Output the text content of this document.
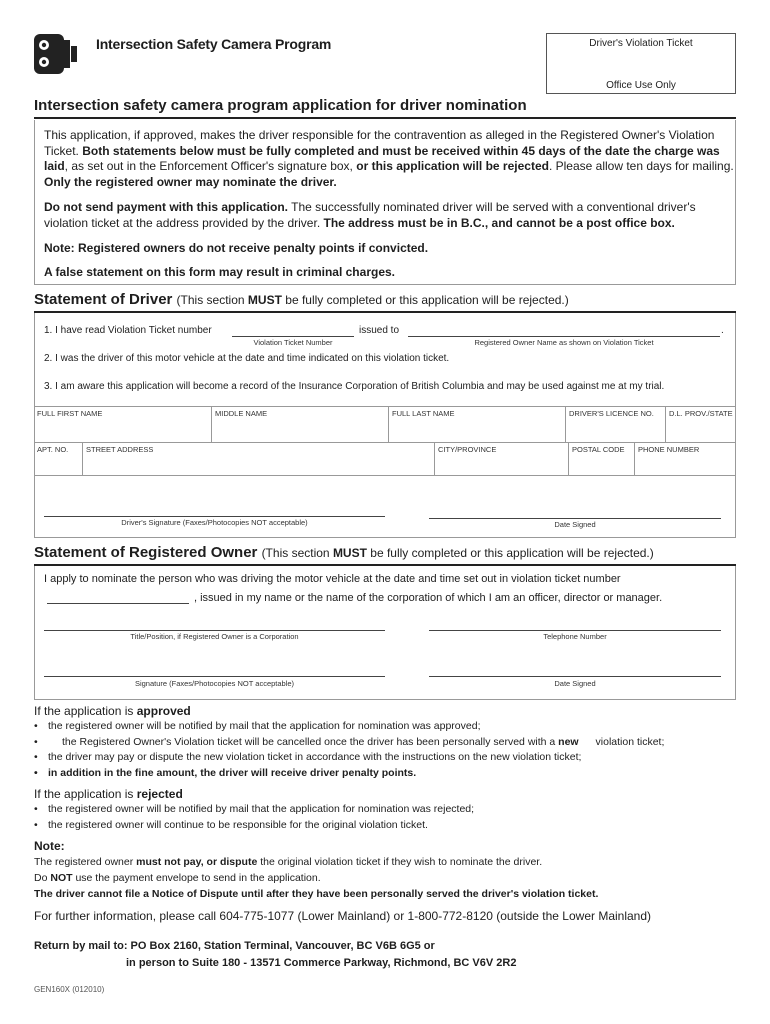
Intersection Safety Camera Program	Driver's Violation Ticket
Office Use Only
Intersection safety camera program application for driver nomination
This application, if approved, makes the driver responsible for the contravention as alleged in the Registered Owner's Violation Ticket. Both statements below must be fully completed and must be received within 45 days of the date the charge was laid, as set out in the Enforcement Officer's signature box, or this application will be rejected. Please allow ten days for mailing. Only the registered owner may nominate the driver.
Do not send payment with this application. The successfully nominated driver will be served with a conventional driver's violation ticket at the address provided by the driver. The address must be in B.C., and cannot be a post office box.
Note: Registered owners do not receive penalty points if convicted.
A false statement on this form may result in criminal charges.
Statement of Driver (This section MUST be fully completed or this application will be rejected.)
1. I have read Violation Ticket number	issued to	.
Violation Ticket Number	Registered Owner Name as shown on Violation Ticket
2. I was the driver of this motor vehicle at the date and time indicated on this violation ticket.
3. I am aware this application will become a record of the Insurance Corporation of British Columbia and may be used against me at my trial.
FULL FIRST NAME	MIDDLE NAME	FULL LAST NAME	DRIVER'S LICENCE NO.	D.L. PROV./STATE
APT. NO.	STREET ADDRESS	CITY/PROVINCE	POSTAL CODE	PHONE NUMBER
Driver's Signature (Faxes/Photocopies NOT acceptable)	Date Signed
Statement of Registered Owner (This section MUST be fully completed or this application will be rejected.)
I apply to nominate the person who was driving the motor vehicle at the date and time set out in violation ticket number
, issued in my name or the name of the corporation of which I am an officer, director or manager.
Title/Position, if Registered Owner is a Corporation	Telephone Number
Signature (Faxes/Photocopies NOT acceptable)	Date Signed
If the application is approved
• the registered owner will be notified by mail that the application for nomination was approved;
• the Registered Owner's Violation ticket will be cancelled once the driver has been personally served with a new violation ticket;
• the driver may pay or dispute the new violation ticket in accordance with the instructions on the new violation ticket;
• in addition in the fine amount, the driver will receive driver penalty points.
If the application is rejected
• the registered owner will be notified by mail that the application for nomination was rejected;
• the registered owner will continue to be responsible for the original violation ticket.
Note:
The registered owner must not pay, or dispute the original violation ticket if they wish to nominate the driver.
Do NOT use the payment envelope to send in the application.
The driver cannot file a Notice of Dispute until after they have been personally served the driver's violation ticket.
For further information, please call 604-775-1077 (Lower Mainland) or 1-800-772-8120 (outside the Lower Mainland)
Return by mail to: PO Box 2160, Station Terminal, Vancouver, BC V6B 6G5 or
in person to Suite 180 - 13571 Commerce Parkway, Richmond, BC V6V 2R2
GEN160X (012010)
